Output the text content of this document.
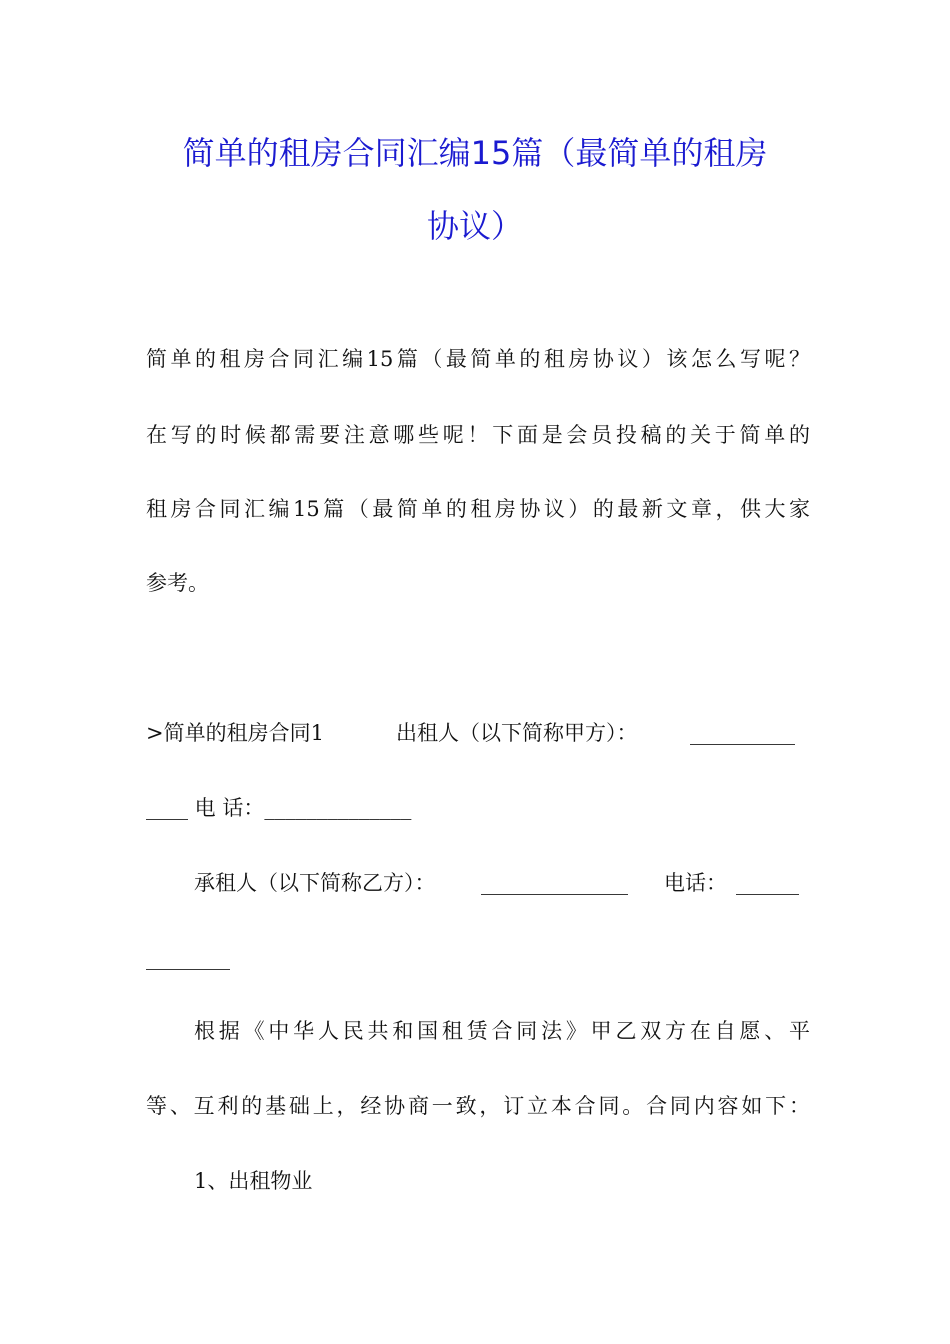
简单的租房合同汇编15篇（最简单的租房
协议）
简单的租房合同汇编15篇（最简单的租房协议）该怎么写呢？
在写的时候都需要注意哪些呢！下面是会员投稿的关于简单的
租房合同汇编15篇（最简单的租房协议）的最新文章，供大家
参考。
>简单的租房合同1	出租人（以下简称甲方）：	__________
____ 电 话：______________
承租人（以下简称乙方）： ______________ 电话： ______
________
根据《中华人民共和国租赁合同法》甲乙双方在自愿、平
等、互利的基础上，经协商一致，订立本合同。合同内容如下：
1、出租物业
